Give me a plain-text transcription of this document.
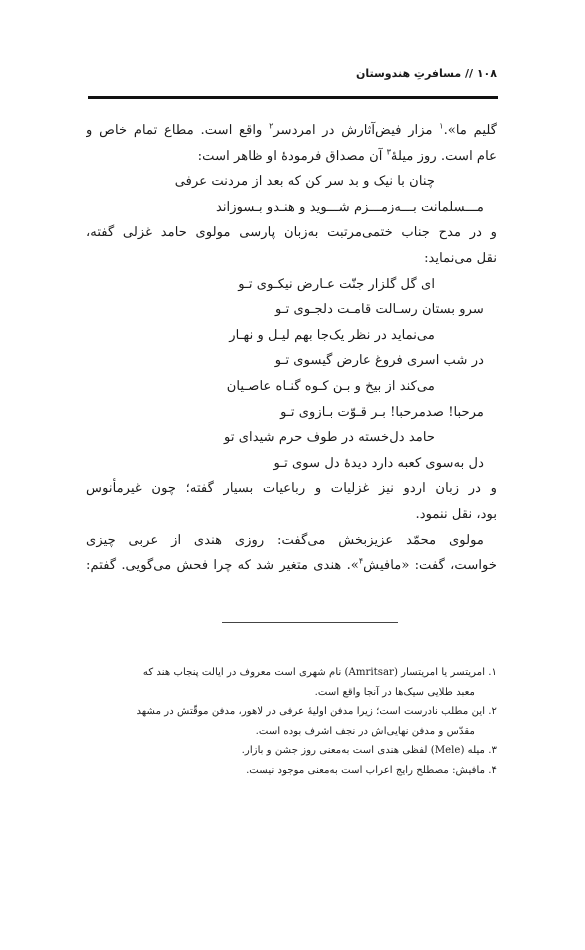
۱۰۸ // مسافرتِ هندوستان
گلیم ما».$^۱$ مزار فیض‌آثارش در امردسر$^۲$ واقع است. مطاع تمام خاص و
عام است. روز میلهٔ$^۳$ آن مصداق فرمودهٔ او ظاهر است:
چنان با نیک و بد سر کن که بعد از مردنت عرفی
مـــسلمانت بـــه‌زمـــزم شـــوید و هنـدو بـسوزاند
و در مدح جناب ختمی‌مرتبت به‌زبان پارسی مولوی حامد غزلی گفته،
نقل می‌نماید:
ای گل گلزار جنّت عـارض نیکـوی تـو
سرو بستان رسـالت قامـت دلجـوی تـو
می‌نماید در نظر یک‌جا بهم لیـل و نهـار
در شب اسری فروغ عارض گیسوی تـو
می‌کند از بیخ و بـن کـوه گنـاه عاصـیان
مرحبا! صدمرحبا! بـر قـوّت بـازوی تـو
حامد دل‌خسته در طوف حرم شیدای تو
دل به‌سوی کعبه دارد دیدهٔ دل سوی تـو
و در زبان اردو نیز غزلیات و رباعیات بسیار گفته؛ چون غیرمأنوس
بود، نقل ننمود.
مولوی محمّد عزیزبخش می‌گفت: روزی هندی از عربی چیزی
خواست، گفت: «مافیش$^۴$». هندی متغیر شد که چرا فحش می‌گویی. گفتم:
۱. امریتسر یا امریتسار (Amritsar) نام شهری است معروف در ایالت پنجاب هند که
معبد طلایی سیک‌ها در آنجا واقع است.
۲. این مطلب نادرست است؛ زیرا مدفن اولیهٔ عرفی در لاهور، مدفن موقّتش در مشهد
مقدّس و مدفن نهایی‌اش در نجف اشرف بوده است.
۳. میله (Mele) لفظی هندی است به‌معنی روز جشن و بازار.
۴. مافیش: مصطلح رایج اعراب است به‌معنی موجود نیست.
